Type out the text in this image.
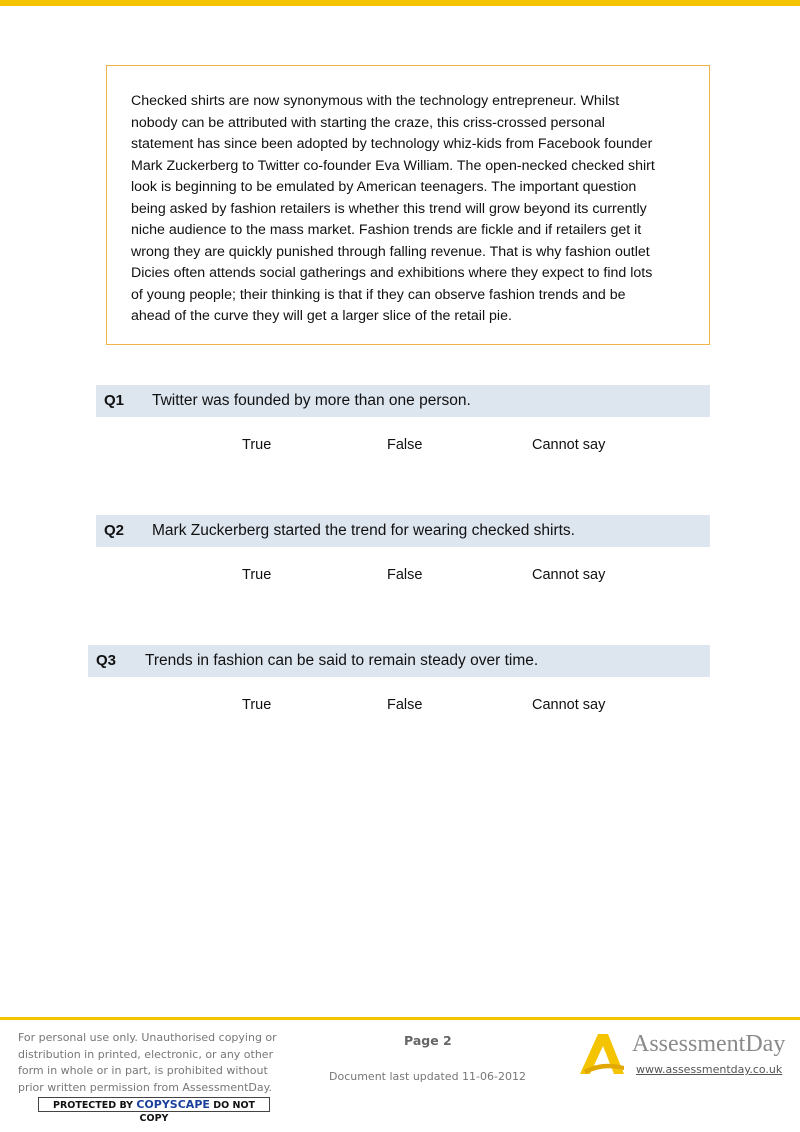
Checked shirts are now synonymous with the technology entrepreneur. Whilst

nobody can be attributed with starting the craze, this criss-crossed personal

statement has since been adopted by technology whiz-kids from Facebook founder

Mark Zuckerberg to Twitter co-founder Eva William. The open-necked checked shirt

look is beginning to be emulated by American teenagers. The important question

being asked by fashion retailers is whether this trend will grow beyond its currently

niche audience to the mass market. Fashion trends are fickle and if retailers get it

wrong they are quickly punished through falling revenue. That is why fashion outlet

Dicies often attends social gatherings and exhibitions where they expect to find lots

of young people; their thinking is that if they can observe fashion trends and be

ahead of the curve they will get a larger slice of the retail pie.

Q1 Twitter was founded by more than one person.
True	False	Cannot say
Q2 Mark Zuckerberg started the trend for wearing checked shirts.
True	False	Cannot say
Q3 Trends in fashion can be said to remain steady over time.
True	False	Cannot say
For personal use only. Unauthorised copying or
distribution in printed, electronic, or any other
form in whole or in part, is prohibited without
prior written permission from AssessmentDay.
PROTECTED BY COPYSCAPE DO NOT COPY
Page 2
Document last updated 11-06-2012
AssessmentDay
www.assessmentday.co.uk
